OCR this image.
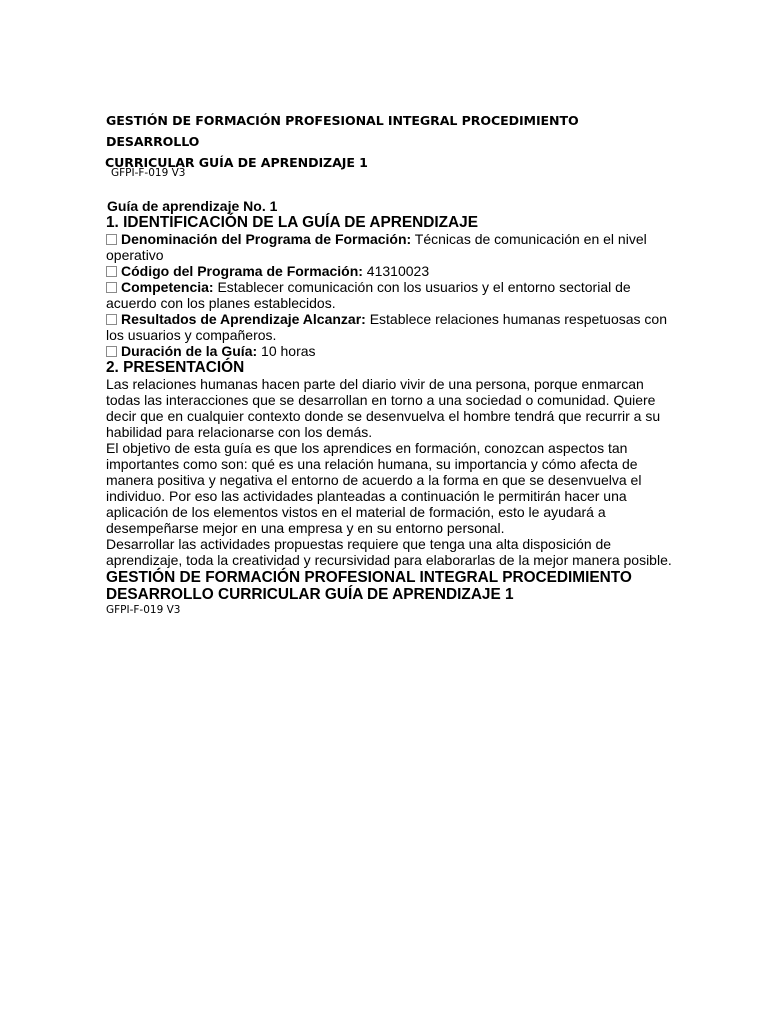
GESTIÓN DE FORMACIÓN PROFESIONAL INTEGRAL PROCEDIMIENTO DESARROLLO
CURRICULAR GUÍA DE APRENDIZAJE 1
GFPI-F-019 V3

Guía de aprendizaje No. 1

1. IDENTIFICACIÓN DE LA GUÍA DE APRENDIZAJE

Denominación del Programa de Formación: Técnicas de comunicación en el nivel operativo

Código del Programa de Formación: 41310023

Competencia: Establecer comunicación con los usuarios y el entorno sectorial de acuerdo con los planes establecidos.

Resultados de Aprendizaje Alcanzar: Establece relaciones humanas respetuosas con los usuarios y compañeros.

Duración de la Guía: 10 horas

2. PRESENTACIÓN

Las relaciones humanas hacen parte del diario vivir de una persona, porque enmarcan todas las interacciones que se desarrollan en torno a una sociedad o comunidad. Quiere decir que en cualquier contexto donde se desenvuelva el hombre tendrá que recurrir a su habilidad para relacionarse con los demás.

El objetivo de esta guía es que los aprendices en formación, conozcan aspectos tan importantes como son: qué es una relación humana, su importancia y cómo afecta de manera positiva y negativa el entorno de acuerdo a la forma en que se desenvuelva el individuo. Por eso las actividades planteadas a continuación le permitirán hacer una aplicación de los elementos vistos en el material de formación, esto le ayudará a desempeñarse mejor en una empresa y en su entorno personal.

Desarrollar las actividades propuestas requiere que tenga una alta disposición de aprendizaje, toda la creatividad y recursividad para elaborarlas de la mejor manera posible. GESTIÓN DE FORMACIÓN PROFESIONAL INTEGRAL PROCEDIMIENTO DESARROLLO CURRICULAR GUÍA DE APRENDIZAJE 1

GFPI-F-019 V3
